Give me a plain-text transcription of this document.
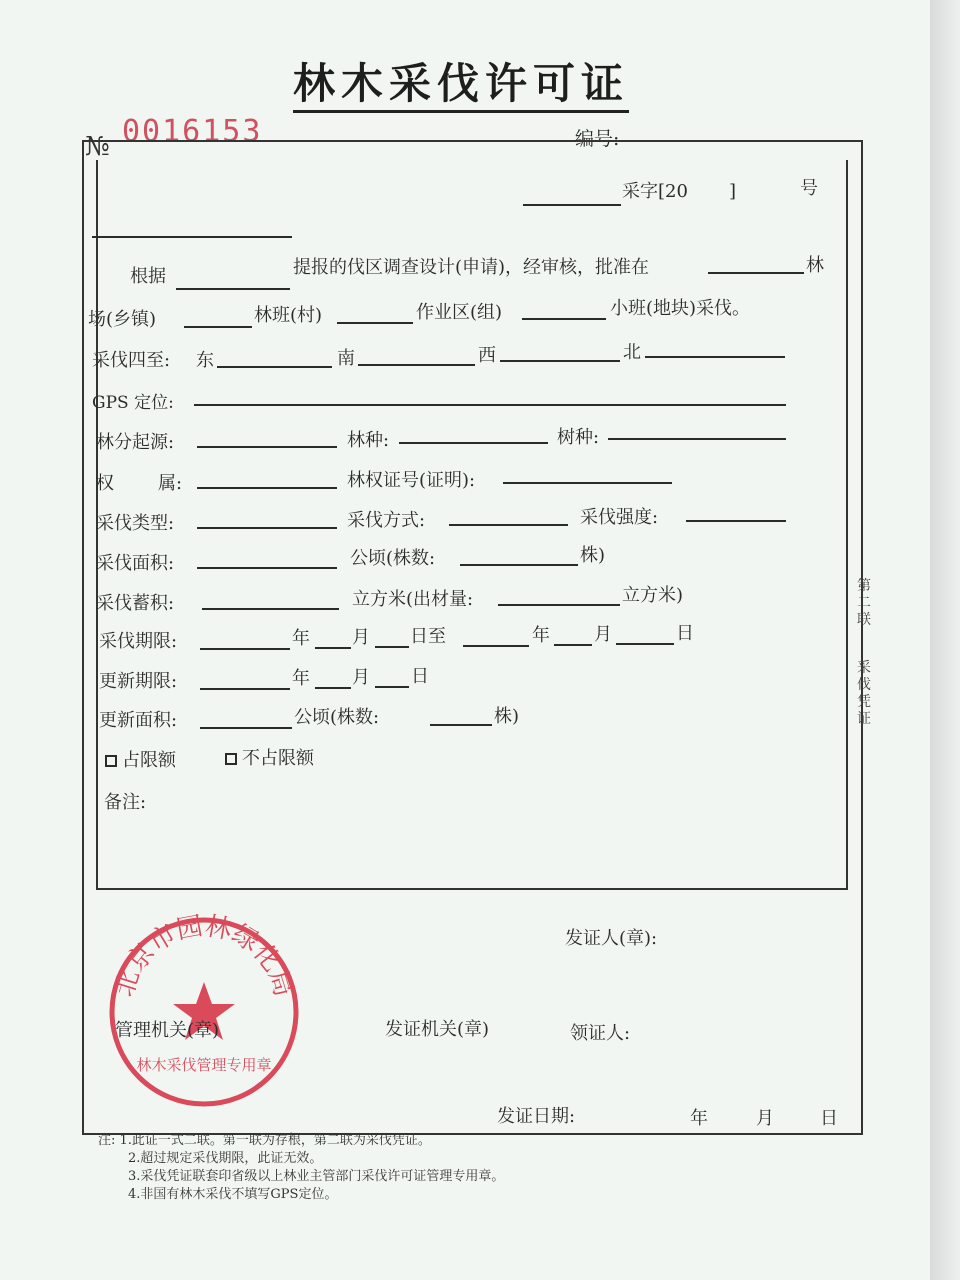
林木采伐许可证
№ 0016153	编号:
采字[20 ]	号
根据	提报的伐区调查设计(申请)，经审核，批准在	林
场(乡镇)	林班(村)	作业区(组)	小班(地块)采伐。
采伐四至: 东	南	西	北
GPS 定位:
林分起源:	林种:	树种:
权 属:	林权证号(证明):
采伐类型:	采伐方式:	采伐强度:
采伐面积:	公顷(株数:	株)
采伐蓄积:	立方米(出材量:	立方米)
采伐期限:	年 月 日至	年 月	日
更新期限:	年 月 日
更新面积:	公顷(株数:	株)
占限额	不占限额
备注:
北京市园林绿化局
林木采伐管理专用章
发证人(章):
管理机关(章)	发证机关(章)	领证人:
发证日期:	年	月	日
第二联
采伐凭证
注: 1.此证一式二联。第一联为存根，第二联为采伐凭证。
2.超过规定采伐期限，此证无效。
3.采伐凭证联套印省级以上林业主管部门采伐许可证管理专用章。
4.非国有林木采伐不填写GPS定位。
